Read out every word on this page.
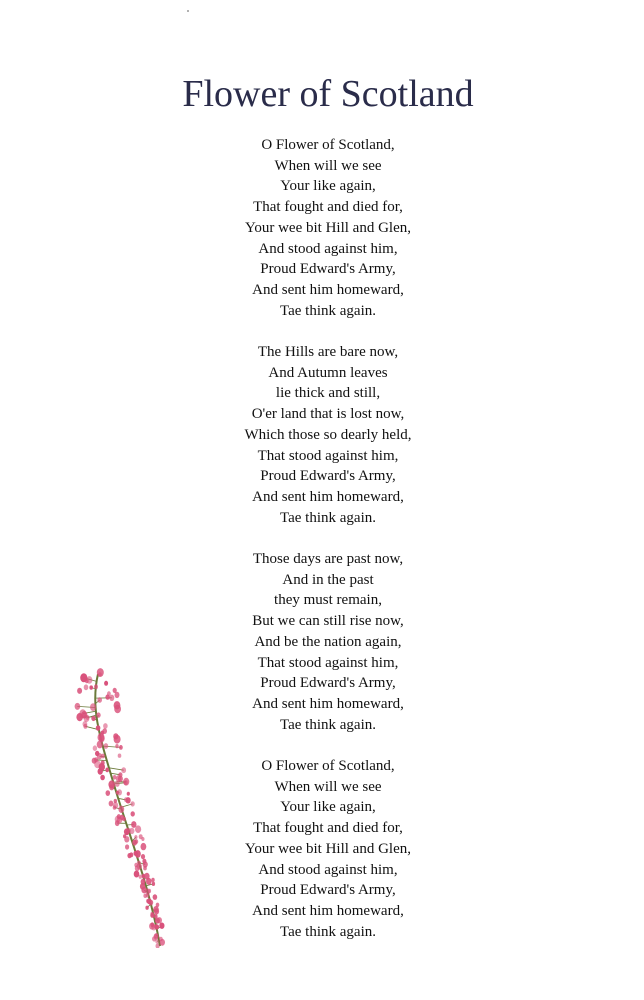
Flower of Scotland
O Flower of Scotland,
When will we see
Your like again,
That fought and died for,
Your wee bit Hill and Glen,
And stood against him,
Proud Edward's Army,
And sent him homeward,
Tae think again.
The Hills are bare now,
And Autumn leaves
lie thick and still,
O'er land that is lost now,
Which those so dearly held,
That stood against him,
Proud Edward's Army,
And sent him homeward,
Tae think again.
Those days are past now,
And in the past
they must remain,
But we can still rise now,
And be the nation again,
That stood against him,
Proud Edward's Army,
And sent him homeward,
Tae think again.
O Flower of Scotland,
When will we see
Your like again,
That fought and died for,
Your wee bit Hill and Glen,
And stood against him,
Proud Edward's Army,
And sent him homeward,
Tae think again.
